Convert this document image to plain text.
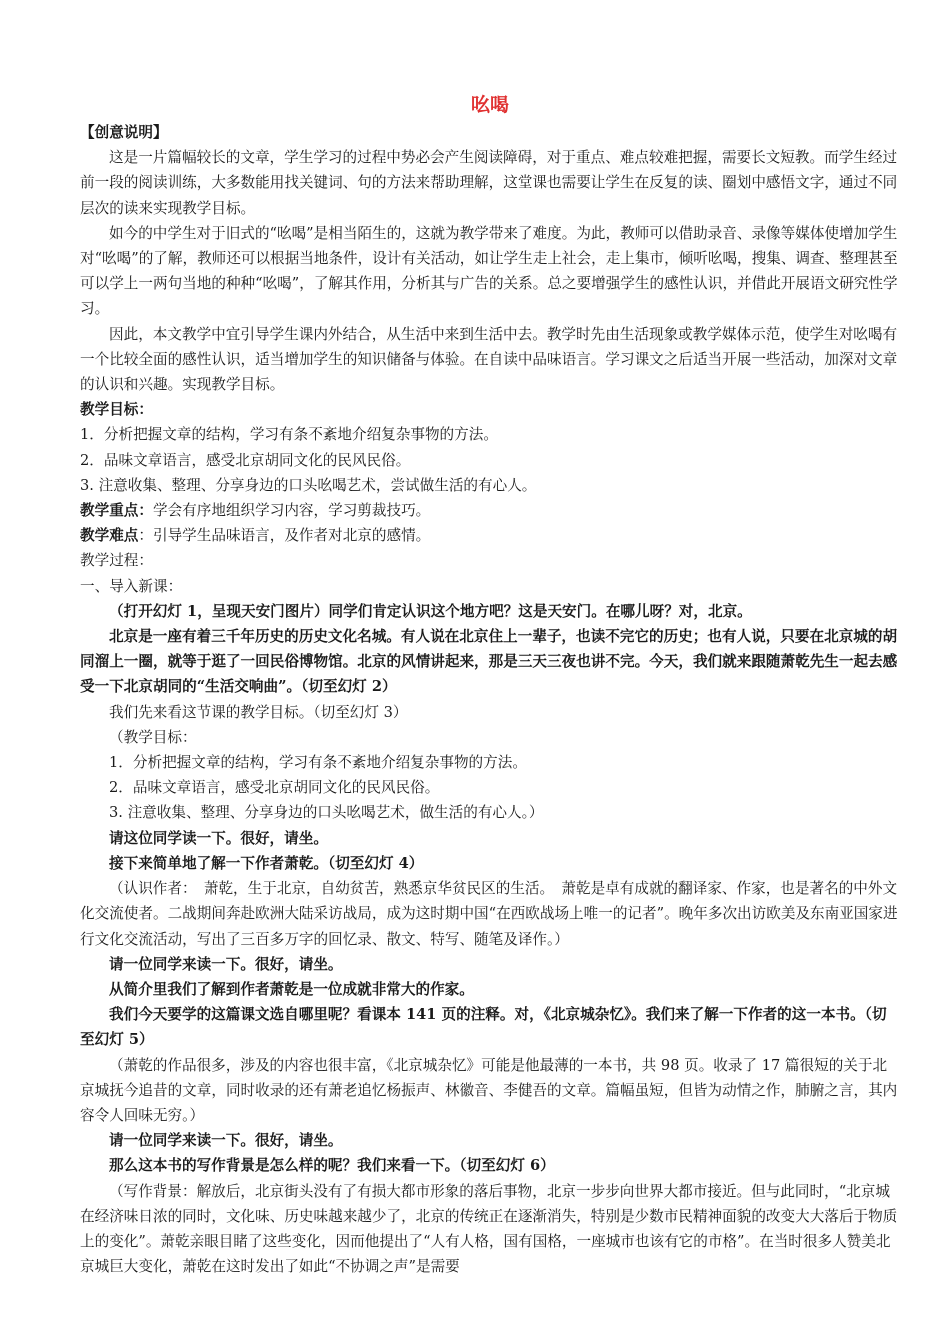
吆喝

【创意说明】

这是一片篇幅较长的文章，学生学习的过程中势必会产生阅读障碍，对于重点、难点较难把握，需要长文短教。而学生经过前一段的阅读训练，大多数能用找关键词、句的方法来帮助理解，这堂课也需要让学生在反复的读、圈划中感悟文字，通过不同层次的读来实现教学目标。

如今的中学生对于旧式的“吆喝”是相当陌生的，这就为教学带来了难度。为此，教师可以借助录音、录像等媒体使增加学生对“吆喝”的了解，教师还可以根据当地条件，设计有关活动，如让学生走上社会，走上集市，倾听吆喝，搜集、调查、整理甚至可以学上一两句当地的种种“吆喝”，了解其作用，分析其与广告的关系。总之要增强学生的感性认识，并借此开展语文研究性学习。

因此，本文教学中宜引导学生课内外结合，从生活中来到生活中去。教学时先由生活现象或教学媒体示范，使学生对吆喝有一个比较全面的感性认识，适当增加学生的知识储备与体验。在自读中品味语言。学习课文之后适当开展一些活动，加深对文章的认识和兴趣。实现教学目标。

教学目标：

1．分析把握文章的结构，学习有条不紊地介绍复杂事物的方法。

2．品味文章语言，感受北京胡同文化的民风民俗。

3. 注意收集、整理、分享身边的口头吆喝艺术，尝试做生活的有心人。

教学重点：学会有序地组织学习内容，学习剪裁技巧。

教学难点：引导学生品味语言，及作者对北京的感情。

教学过程：

一、导入新课：

（打开幻灯 1，呈现天安门图片）同学们肯定认识这个地方吧？这是天安门。在哪儿呀？对，北京。

北京是一座有着三千年历史的历史文化名城。有人说在北京住上一辈子，也读不完它的历史；也有人说，只要在北京城的胡同溜上一圈，就等于逛了一回民俗博物馆。北京的风情讲起来，那是三天三夜也讲不完。今天，我们就来跟随萧乾先生一起去感受一下北京胡同的“生活交响曲”。（切至幻灯 2）

我们先来看这节课的教学目标。（切至幻灯 3）

（教学目标：

1．分析把握文章的结构，学习有条不紊地介绍复杂事物的方法。

2．品味文章语言，感受北京胡同文化的民风民俗。

3. 注意收集、整理、分享身边的口头吆喝艺术，做生活的有心人。）

请这位同学读一下。很好，请坐。

接下来简单地了解一下作者萧乾。（切至幻灯 4）

（认识作者：　萧乾，生于北京，自幼贫苦，熟悉京华贫民区的生活。　萧乾是卓有成就的翻译家、作家，也是著名的中外文化交流使者。二战期间奔赴欧洲大陆采访战局，成为这时期中国“在西欧战场上唯一的记者”。晚年多次出访欧美及东南亚国家进行文化交流活动，写出了三百多万字的回忆录、散文、特写、随笔及译作。）

请一位同学来读一下。很好，请坐。

从简介里我们了解到作者萧乾是一位成就非常大的作家。

我们今天要学的这篇课文选自哪里呢？看课本 141 页的注释。对，《北京城杂忆》。我们来了解一下作者的这一本书。（切至幻灯 5）

（萧乾的作品很多，涉及的内容也很丰富，《北京城杂忆》可能是他最薄的一本书，共 98 页。收录了 17 篇很短的关于北京城抚今追昔的文章，同时收录的还有萧老追忆杨振声、林徽音、李健吾的文章。篇幅虽短，但皆为动情之作，肺腑之言，其内容令人回味无穷。）

请一位同学来读一下。很好，请坐。

那么这本书的写作背景是怎么样的呢？我们来看一下。（切至幻灯 6）

（写作背景：解放后，北京街头没有了有损大都市形象的落后事物，北京一步步向世界大都市接近。但与此同时，“北京城在经济味日浓的同时，文化味、历史味越来越少了，北京的传统正在逐渐消失，特别是少数市民精神面貌的改变大大落后于物质上的变化”。萧乾亲眼目睹了这些变化，因而他提出了“人有人格，国有国格，一座城市也该有它的市格”。在当时很多人赞美北京城巨大变化，萧乾在这时发出了如此“不协调之声”是需要
